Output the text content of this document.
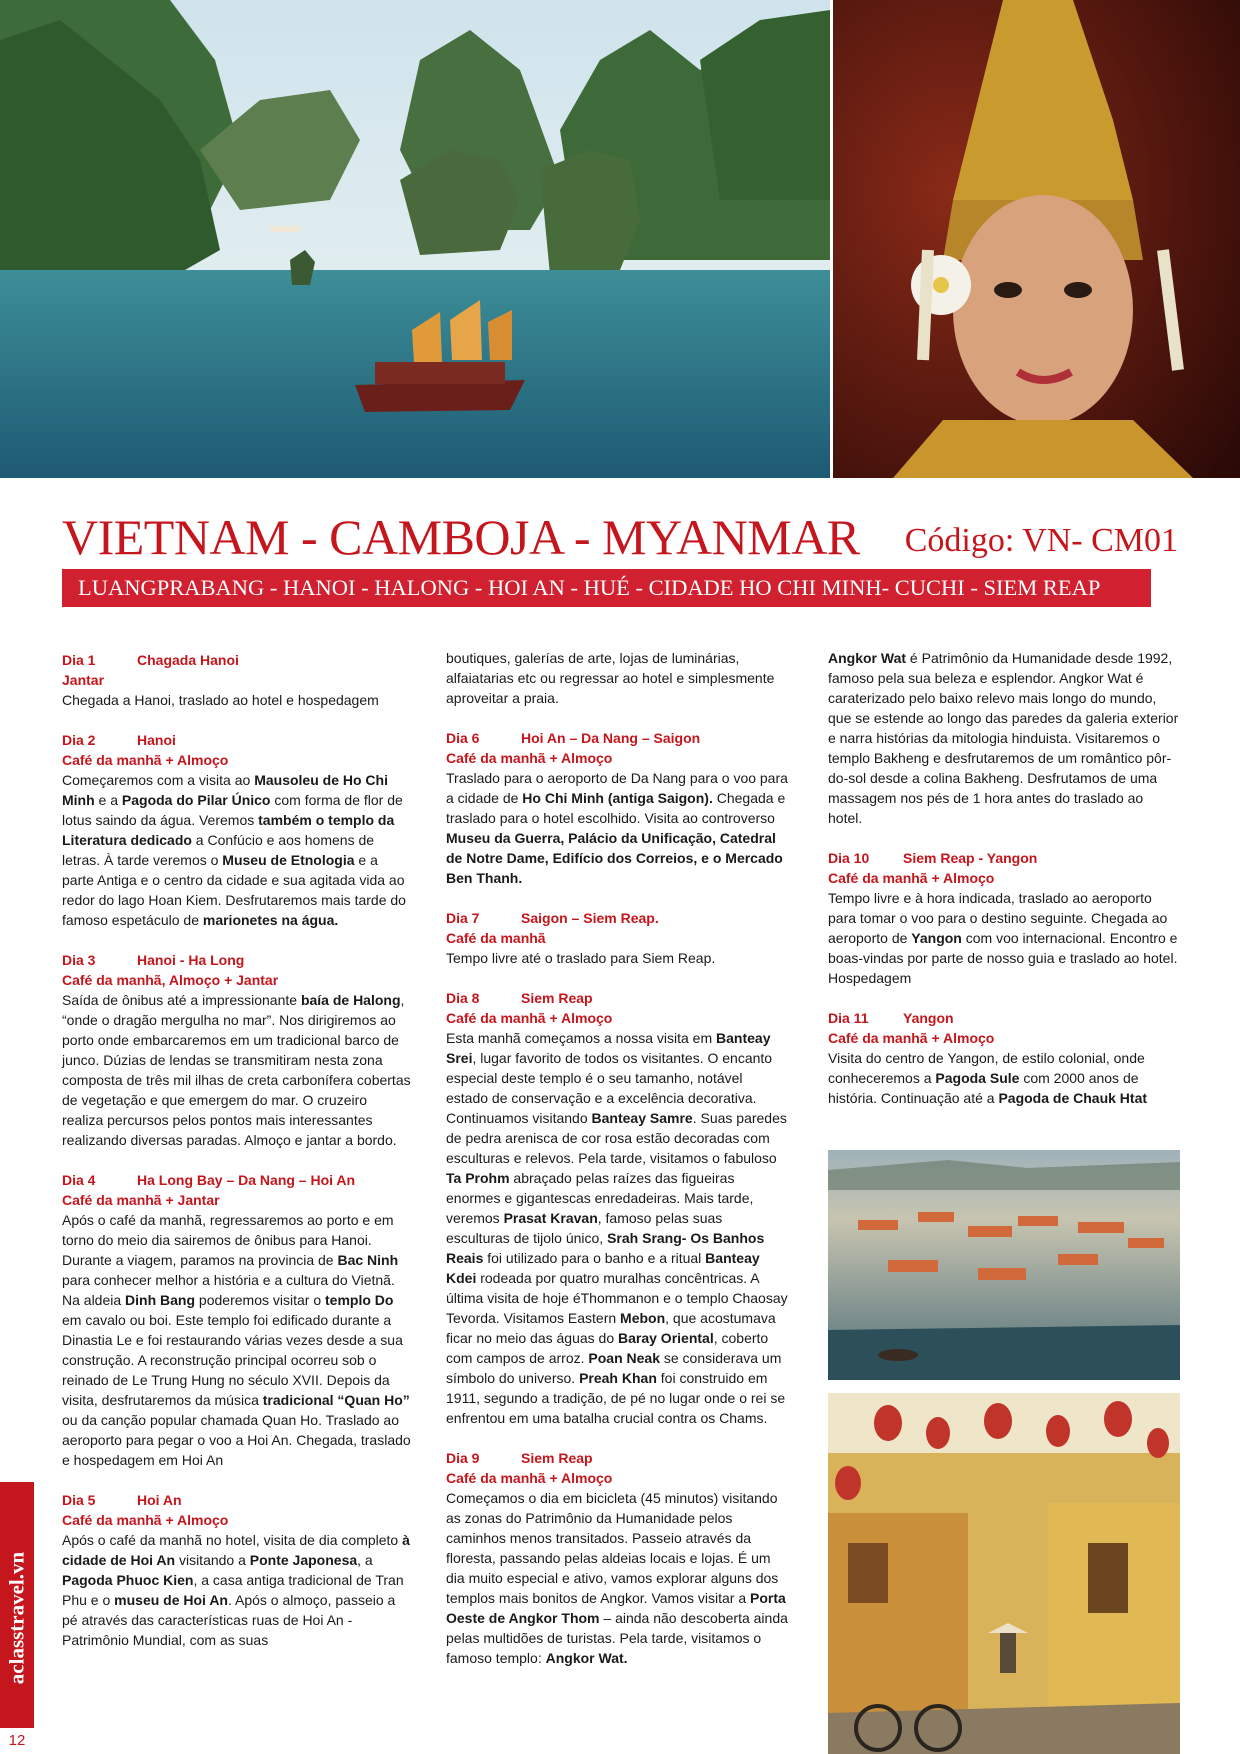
VIETNAM - CAMBOJA - MYANMAR Código: VN- CM01
LUANGPRABANG - HANOI - HALONG - HOI AN - HUÉ - CIDADE HO CHI MINH- CUCHI - SIEM REAP
Dia 1	Chagada Hanoi
Jantar

Chegada a Hanoi, traslado ao hotel e hospedagem

Dia 2	Hanoi
Café da manhã + Almoço

Começaremos com a visita ao Mausoleu de Ho Chi Minh e a Pagoda do Pilar Único com forma de flor de lotus saindo da água. Veremos também o templo da Literatura dedicado a Confúcio e aos homens de letras. À tarde veremos o Museu de Etnologia e a parte Antiga e o centro da cidade e sua agitada vida ao redor do lago Hoan Kiem. Desfrutaremos mais tarde do famoso espetáculo de marionetes na água.

Dia 3	Hanoi - Ha Long
Café da manhã, Almoço + Jantar

Saída de ônibus até a impressionante baía de Halong, “onde o dragão mergulha no mar”. Nos dirigiremos ao porto onde embarcaremos em um tradicional barco de junco. Dúzias de lendas se transmitiram nesta zona composta de três mil ilhas de creta carbonífera cobertas de vegetação e que emergem do mar. O cruzeiro realiza percursos pelos pontos mais interessantes realizando diversas paradas. Almoço e jantar a bordo.

Dia 4	Ha Long Bay – Da Nang – Hoi An
Café da manhã + Jantar

Após o café da manhã, regressaremos ao porto e em torno do meio dia sairemos de ônibus para Hanoi. Durante a viagem, paramos na provincia de Bac Ninh para conhecer melhor a história e a cultura do Vietnã. Na aldeia Dinh Bang poderemos visitar o templo Do em cavalo ou boi. Este templo foi edificado durante a Dinastia Le e foi restaurando várias vezes desde a sua construção. A reconstrução principal ocorreu sob o reinado de Le Trung Hung no século XVII. Depois da visita, desfrutaremos da música tradicional “Quan Ho” ou da canção popular chamada Quan Ho. Traslado ao aeroporto para pegar o voo a Hoi An. Chegada, traslado e hospedagem em Hoi An

Dia 5	Hoi An
Café da manhã + Almoço

Após o café da manhã no hotel, visita de dia completo à cidade de Hoi An visitando a Ponte Japonesa, a Pagoda Phuoc Kien, a casa antiga tradicional de Tran Phu e o museu de Hoi An. Após o almoço, passeio a pé através das características ruas de Hoi An - Patrimônio Mundial, com as suas

boutiques, galerías de arte, lojas de luminárias, alfaiatarias etc ou regressar ao hotel e simplesmente aproveitar a praia.

Dia 6	Hoi An – Da Nang – Saigon
Café da manhã + Almoço

Traslado para o aeroporto de Da Nang para o voo para a cidade de Ho Chi Minh (antiga Saigon). Chegada e traslado para o hotel escolhido. Visita ao controverso Museu da Guerra, Palácio da Unificação, Catedral de Notre Dame, Edifício dos Correios, e o Mercado Ben Thanh.

Dia 7	Saigon – Siem Reap.
Café da manhã

Tempo livre até o traslado para Siem Reap.

Dia 8	Siem Reap
Café da manhã + Almoço

Esta manhã começamos a nossa visita em Banteay Srei, lugar favorito de todos os visitantes. O encanto especial deste templo é o seu tamanho, notável estado de conservação e a excelência decorativa. Continuamos visitando Banteay Samre. Suas paredes de pedra arenisca de cor rosa estão decoradas com esculturas e relevos. Pela tarde, visitamos o fabuloso Ta Prohm abraçado pelas raízes das figueiras enormes e gigantescas enredadeiras. Mais tarde, veremos Prasat Kravan, famoso pelas suas esculturas de tijolo único, Srah Srang- Os Banhos Reais foi utilizado para o banho e a ritual Banteay Kdei rodeada por quatro muralhas concêntricas. A última visita de hoje éThommanon e o templo Chaosay Tevorda. Visitamos Eastern Mebon, que acostumava ficar no meio das águas do Baray Oriental, coberto com campos de arroz. Poan Neak se considerava um símbolo do universo. Preah Khan foi construido em 1911, segundo a tradição, de pé no lugar onde o rei se enfrentou em uma batalha crucial contra os Chams.

Dia 9	Siem Reap
Café da manhã + Almoço

Começamos o dia em bicicleta (45 minutos) visitando as zonas do Patrimônio da Humanidade pelos caminhos menos transitados. Passeio através da floresta, passando pelas aldeias locais e lojas. É um dia muito especial e ativo, vamos explorar alguns dos templos mais bonitos de Angkor. Vamos visitar a Porta Oeste de Angkor Thom – ainda não descoberta ainda pelas multidões de turistas. Pela tarde, visitamos o famoso templo: Angkor Wat.

Angkor Wat é Patrimônio da Humanidade desde 1992, famoso pela sua beleza e esplendor. Angkor Wat é caraterizado pelo baixo relevo mais longo do mundo, que se estende ao longo das paredes da galeria exterior e narra histórias da mitologia hinduista. Visitaremos o templo Bakheng e desfrutaremos de um romântico pôr-do-sol desde a colina Bakheng. Desfrutamos de uma massagem nos pés de 1 hora antes do traslado ao hotel.

Dia 10 Siem Reap - Yangon
Café da manhã + Almoço

Tempo livre e à hora indicada, traslado ao aeroporto para tomar o voo para o destino seguinte. Chegada ao aeroporto de Yangon com voo internacional. Encontro e boas-vindas por parte de nosso guia e traslado ao hotel. Hospedagem

Dia 11 Yangon
Café da manhã + Almoço

Visita do centro de Yangon, de estilo colonial, onde conheceremos a Pagoda Sule com 2000 anos de história. Continuação até a Pagoda de Chauk Htat

aclasstravel.vn
12
